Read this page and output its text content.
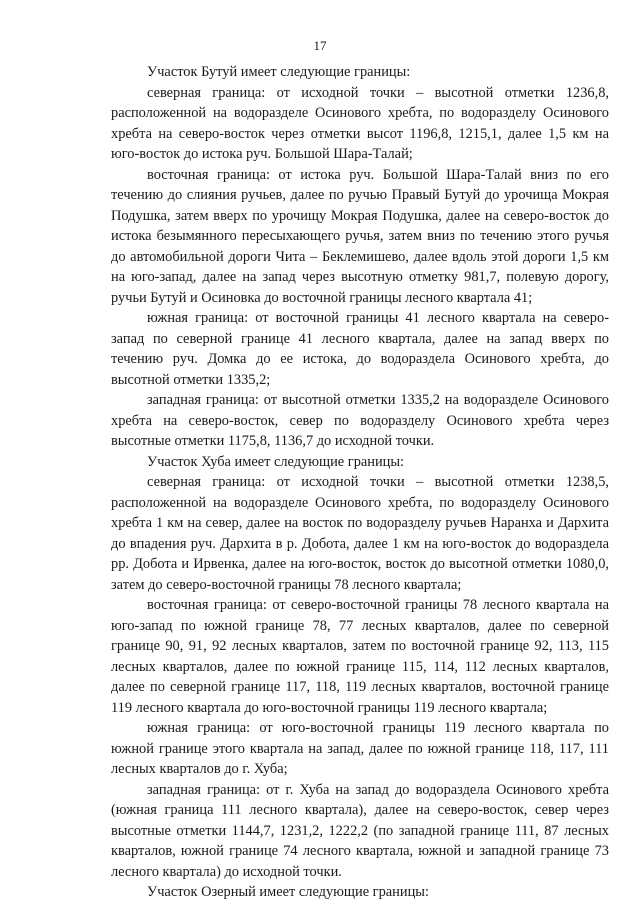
17

Участок Бутуй имеет следующие границы:

северная граница: от исходной точки – высотной отметки 1236,8, расположенной на водоразделе Осинового хребта, по водоразделу Осинового хребта на северо-восток через отметки высот 1196,8, 1215,1, далее 1,5 км на юго-восток до истока руч. Большой Шара-Талай;

восточная граница: от истока руч. Большой Шара-Талай вниз по его течению до слияния ручьев, далее по ручью Правый Бутуй до урочища Мокрая Подушка, затем вверх по урочищу Мокрая Подушка, далее на северо-восток до истока безымянного пересыхающего ручья, затем вниз по течению этого ручья до автомобильной дороги Чита – Беклемишево, далее вдоль этой дороги 1,5 км на юго-запад, далее на запад через высотную отметку 981,7, полевую дорогу, ручьи Бутуй и Осиновка до восточной границы лесного квартала 41;

южная граница: от восточной границы 41 лесного квартала на северо-запад по северной границе 41 лесного квартала, далее на запад вверх по течению руч. Домка до ее истока, до водораздела Осинового хребта, до высотной отметки 1335,2;

западная граница: от высотной отметки 1335,2 на водоразделе Осинового хребта на северо-восток, север по водоразделу Осинового хребта через высотные отметки 1175,8, 1136,7 до исходной точки.

Участок Хуба имеет следующие границы:

северная граница: от исходной точки – высотной отметки 1238,5, расположенной на водоразделе Осинового хребта, по водоразделу Осинового хребта 1 км на север, далее на восток по водоразделу ручьев Наранха и Дархита до впадения руч. Дархита в р. Добота, далее 1 км на юго-восток до водораздела рр. Добота и Ирвенка, далее на юго-восток, восток до высотной отметки 1080,0, затем до северо-восточной границы 78 лесного квартала;

восточная граница: от северо-восточной границы 78 лесного квартала на юго-запад по южной границе 78, 77 лесных кварталов, далее по северной границе 90, 91, 92 лесных кварталов, затем по восточной границе 92, 113, 115 лесных кварталов, далее по южной границе 115, 114, 112 лесных кварталов, далее по северной границе 117, 118, 119 лесных кварталов, восточной границе 119 лесного квартала до юго-восточной границы 119 лесного квартала;

южная граница: от юго-восточной границы 119 лесного квартала по южной границе этого квартала на запад, далее по южной границе 118, 117, 111 лесных кварталов до г. Хуба;

западная граница: от г. Хуба на запад до водораздела Осинового хребта (южная граница 111 лесного квартала), далее на северо-восток, север через высотные отметки 1144,7, 1231,2, 1222,2 (по западной границе 111, 87 лесных кварталов, южной границе 74 лесного квартала, южной и западной границе 73 лесного квартала) до исходной точки.

Участок Озерный имеет следующие границы:
